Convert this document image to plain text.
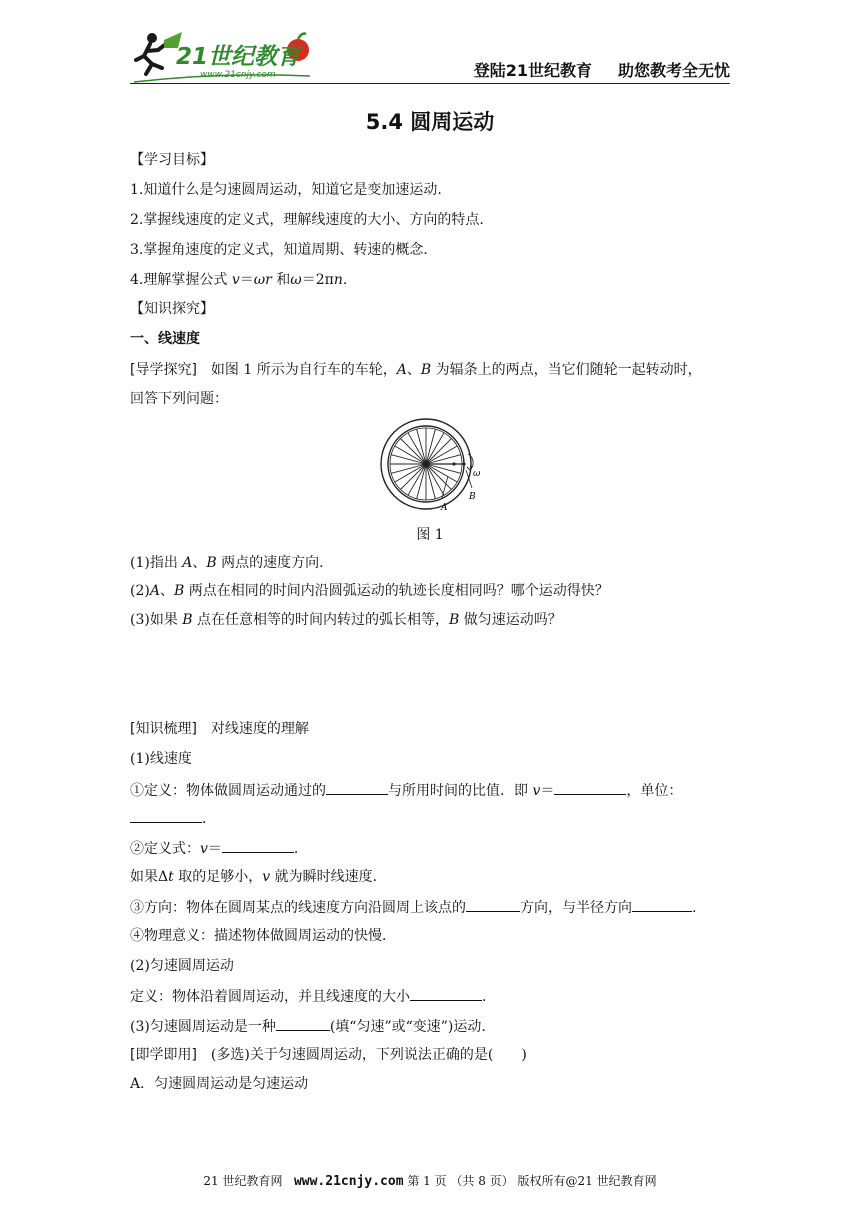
21世纪教育
www.21cnjy.com	登陆21世纪教育 助您教考全无忧
5.4 圆周运动
【学习目标】
1.知道什么是匀速圆周运动，知道它是变加速运动.
2.掌握线速度的定义式，理解线速度的大小、方向的特点.
3.掌握角速度的定义式，知道周期、转速的概念.
4.理解掌握公式 v＝ωr 和ω＝2πn.
【知识探究】
一、线速度
[导学探究]　如图 1 所示为自行车的车轮，A、B 为辐条上的两点，当它们随轮一起转动时，
回答下列问题：
A
B
ω
图 1
(1)指出 A、B 两点的速度方向.
(2)A、B 两点在相同的时间内沿圆弧运动的轨迹长度相同吗？哪个运动得快？
(3)如果 B 点在任意相等的时间内转过的弧长相等，B 做匀速运动吗？
[知识梳理]　对线速度的理解
(1)线速度
①定义：物体做圆周运动通过的	与所用时间的比值．即 v＝	，单位：
.
②定义式：v＝	.
如果Δt 取的足够小，v 就为瞬时线速度.
③方向：物体在圆周某点的线速度方向沿圆周上该点的	方向，与半径方向	.
④物理意义：描述物体做圆周运动的快慢.
(2)匀速圆周运动
定义：物体沿着圆周运动，并且线速度的大小	.
(3)匀速圆周运动是一种	(填“匀速”或“变速”)运动.
[即学即用]　(多选)关于匀速圆周运动，下列说法正确的是(　　)
A．匀速圆周运动是匀速运动
21 世纪教育网 www.21cnjy.com 第 1 页 （共 8 页） 版权所有@21 世纪教育网
